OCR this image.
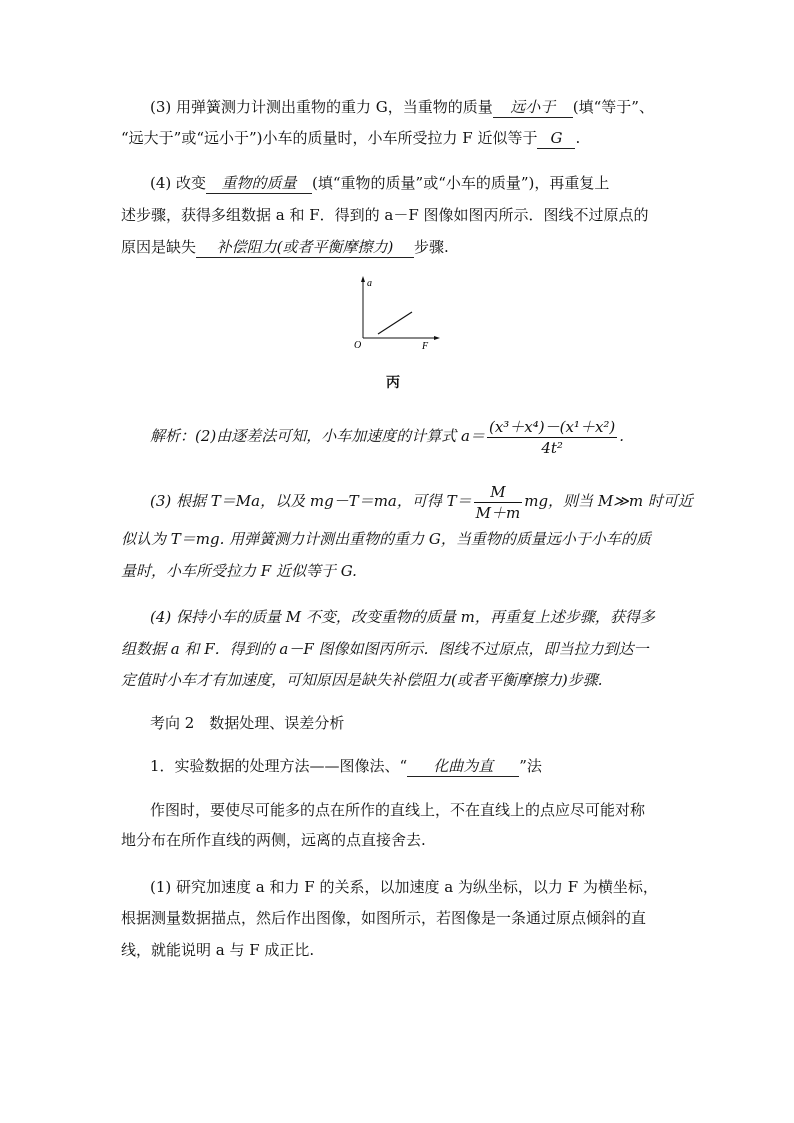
(3) 用弹簧测力计测出重物的重力 G，当重物的质量 远小于 (填“等于”、
“远大于”或“远小于”)小车的质量时，小车所受拉力 F 近似等于 G .
(4) 改变 重物的质量 (填“重物的质量”或“小车的质量”)，再重复上
述步骤，获得多组数据 a 和 F．得到的 a－F 图像如图丙所示．图线不过原点的
原因是缺失 补偿阻力(或者平衡摩擦力) 步骤.
a
F
O
丙
解析：(2)由逐差法可知，小车加速度的计算式 $a= \frac{\text{(x³＋x⁴)－(x¹＋x²)}}{\text{4t²}}$ .
(3) 根据 T＝Ma，以及 mg－T＝ma，可得 $T= \frac{M}{M+m}$ mg，则当 M≫m 时可近
似认为 T＝mg. 用弹簧测力计测出重物的重力 G，当重物的质量远小于小车的质
量时，小车所受拉力 F 近似等于 G.
(4) 保持小车的质量 M 不变，改变重物的质量 m，再重复上述步骤，获得多
组数据 a 和 F．得到的 a－F 图像如图丙所示．图线不过原点，即当拉力到达一
定值时小车才有加速度，可知原因是缺失补偿阻力(或者平衡摩擦力)步骤.
考向 2　数据处理、误差分析
1．实验数据的处理方法——图像法、“ 化曲为直 ”法
作图时，要使尽可能多的点在所作的直线上，不在直线上的点应尽可能对称
地分布在所作直线的两侧，远离的点直接舍去.
(1) 研究加速度 a 和力 F 的关系，以加速度 a 为纵坐标，以力 F 为横坐标，
根据测量数据描点，然后作出图像，如图所示，若图像是一条通过原点倾斜的直
线，就能说明 a 与 F 成正比.
